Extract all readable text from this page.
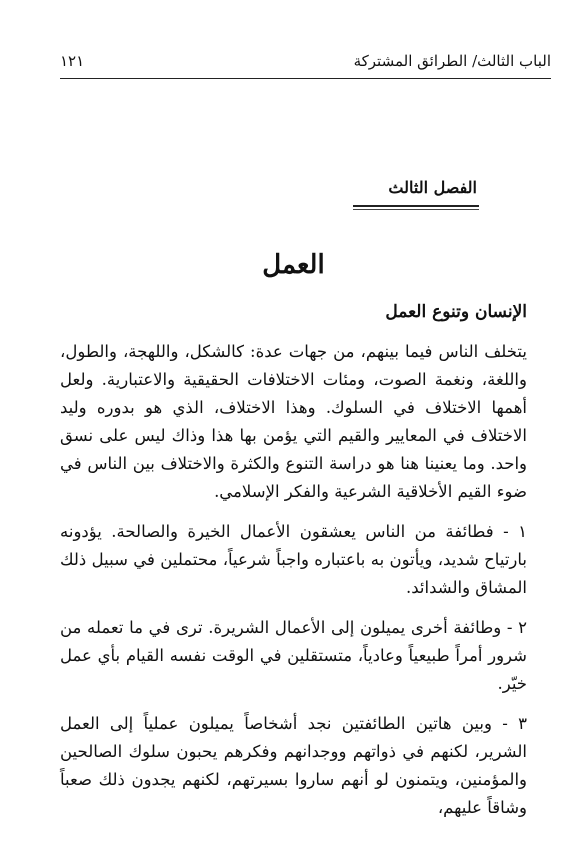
الباب الثالث/ الطرائق المشتركة
١٢١
الفصل الثالث
العمل
الإنسان وتنوع العمل

يتخلف الناس فيما بينهم، من جهات عدة: كالشكل، واللهجة، والطول، واللغة، ونغمة الصوت، ومئات الاختلافات الحقيقية والاعتبارية. ولعل أهمها الاختلاف في السلوك. وهذا الاختلاف، الذي هو بدوره وليد الاختلاف في المعايير والقيم التي يؤمن بها هذا وذاك ليس على نسق واحد. وما يعنينا هنا هو دراسة التنوع والكثرة والاختلاف بين الناس في ضوء القيم الأخلاقية الشرعية والفكر الإسلامي.

١ - فطائفة من الناس يعشقون الأعمال الخيرة والصالحة. يؤدونه بارتياح شديد، ويأتون به باعتباره واجباً شرعياً، محتملين في سبيل ذلك المشاق والشدائد.

٢ - وطائفة أخرى يميلون إلى الأعمال الشريرة. ترى في ما تعمله من شرور أمراً طبيعياً وعادياً، متستقلين في الوقت نفسه القيام بأي عمل خيّر.

٣ - وبين هاتين الطائفتين نجد أشخاصاً يميلون عملياً إلى العمل الشرير، لكنهم في ذواتهم ووجدانهم وفكرهم يحبون سلوك الصالحين والمؤمنين، ويتمنون لو أنهم ساروا بسيرتهم، لكنهم يجدون ذلك صعباً وشاقاً عليهم،
